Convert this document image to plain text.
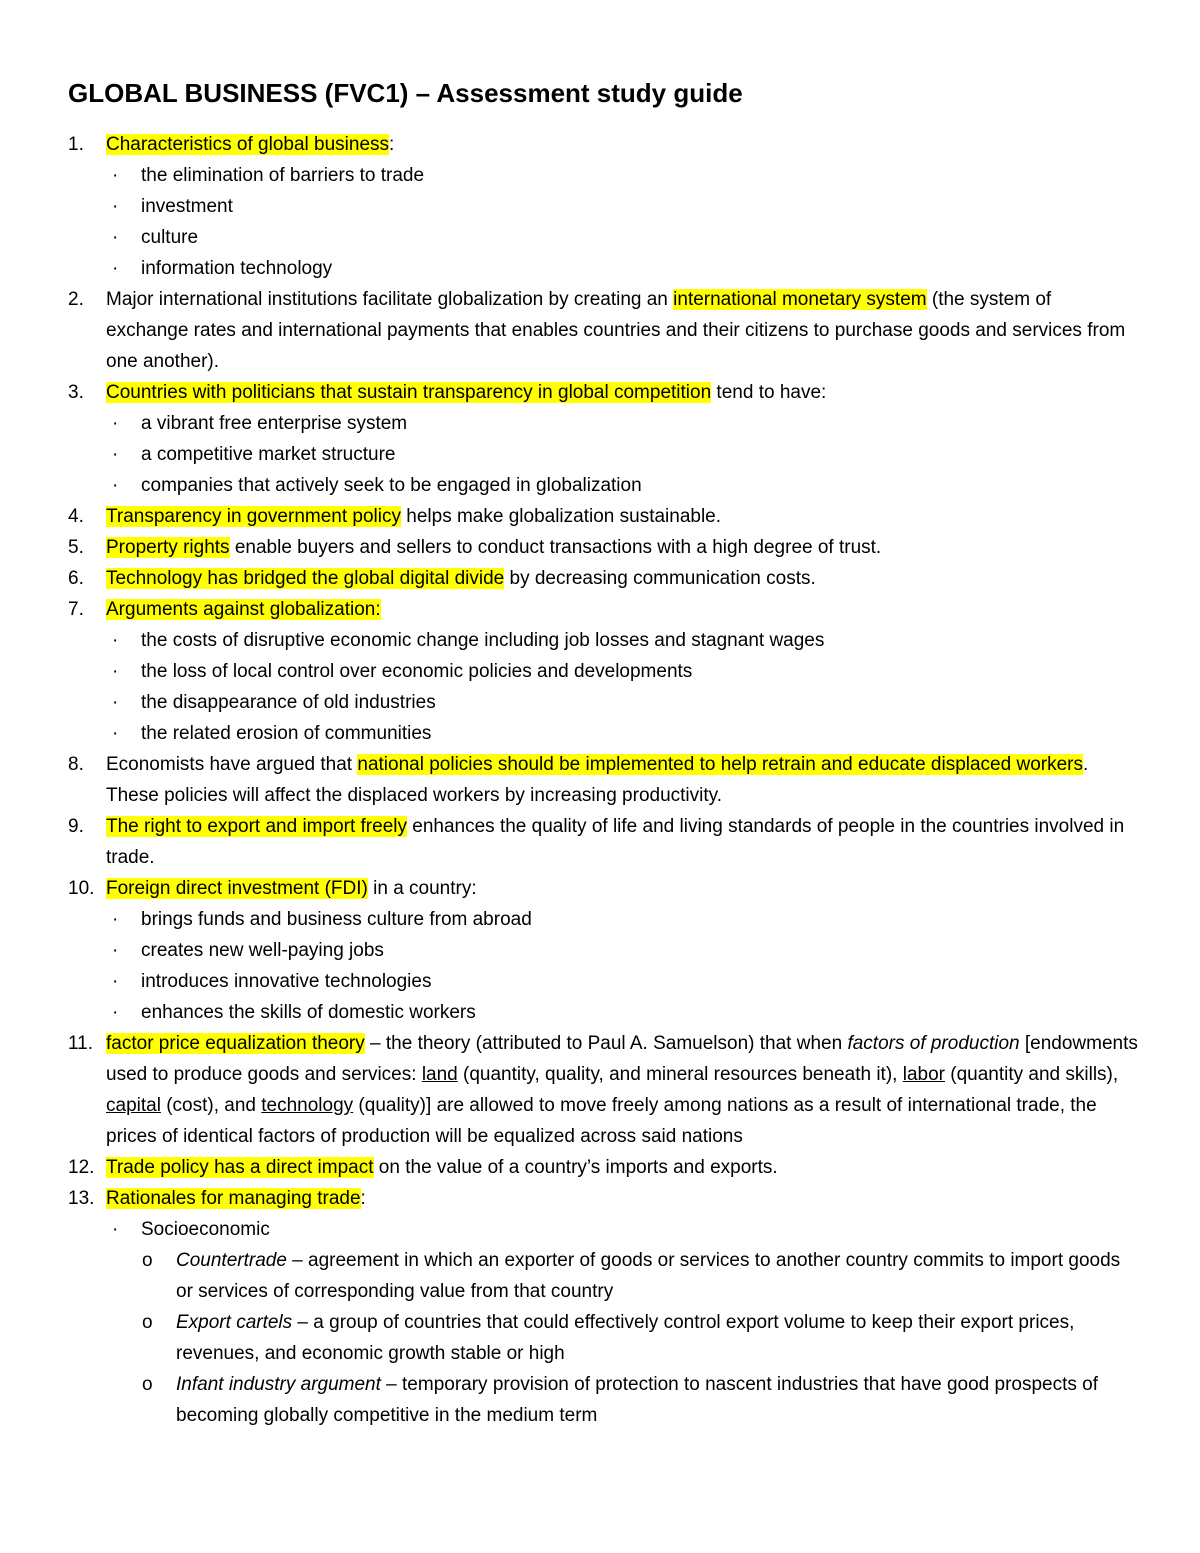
GLOBAL BUSINESS (FVC1) – Assessment study guide
1. Characteristics of global business:
· the elimination of barriers to trade
· investment
· culture
· information technology
2. Major international institutions facilitate globalization by creating an international monetary system (the system of exchange rates and international payments that enables countries and their citizens to purchase goods and services from one another).
3. Countries with politicians that sustain transparency in global competition tend to have:
· a vibrant free enterprise system
· a competitive market structure
· companies that actively seek to be engaged in globalization
4. Transparency in government policy helps make globalization sustainable.
5. Property rights enable buyers and sellers to conduct transactions with a high degree of trust.
6. Technology has bridged the global digital divide by decreasing communication costs.
7. Arguments against globalization:
· the costs of disruptive economic change including job losses and stagnant wages
· the loss of local control over economic policies and developments
· the disappearance of old industries
· the related erosion of communities
8. Economists have argued that national policies should be implemented to help retrain and educate displaced workers. These policies will affect the displaced workers by increasing productivity.
9. The right to export and import freely enhances the quality of life and living standards of people in the countries involved in trade.
10. Foreign direct investment (FDI) in a country:
· brings funds and business culture from abroad
· creates new well-paying jobs
· introduces innovative technologies
· enhances the skills of domestic workers
11. factor price equalization theory – the theory (attributed to Paul A. Samuelson) that when factors of production [endowments used to produce goods and services: land (quantity, quality, and mineral resources beneath it), labor (quantity and skills), capital (cost), and technology (quality)] are allowed to move freely among nations as a result of international trade, the prices of identical factors of production will be equalized across said nations
12. Trade policy has a direct impact on the value of a country’s imports and exports.
13. Rationales for managing trade:
· Socioeconomic
o Countertrade – agreement in which an exporter of goods or services to another country commits to import goods or services of corresponding value from that country
o Export cartels – a group of countries that could effectively control export volume to keep their export prices, revenues, and economic growth stable or high
o Infant industry argument – temporary provision of protection to nascent industries that have good prospects of becoming globally competitive in the medium term
